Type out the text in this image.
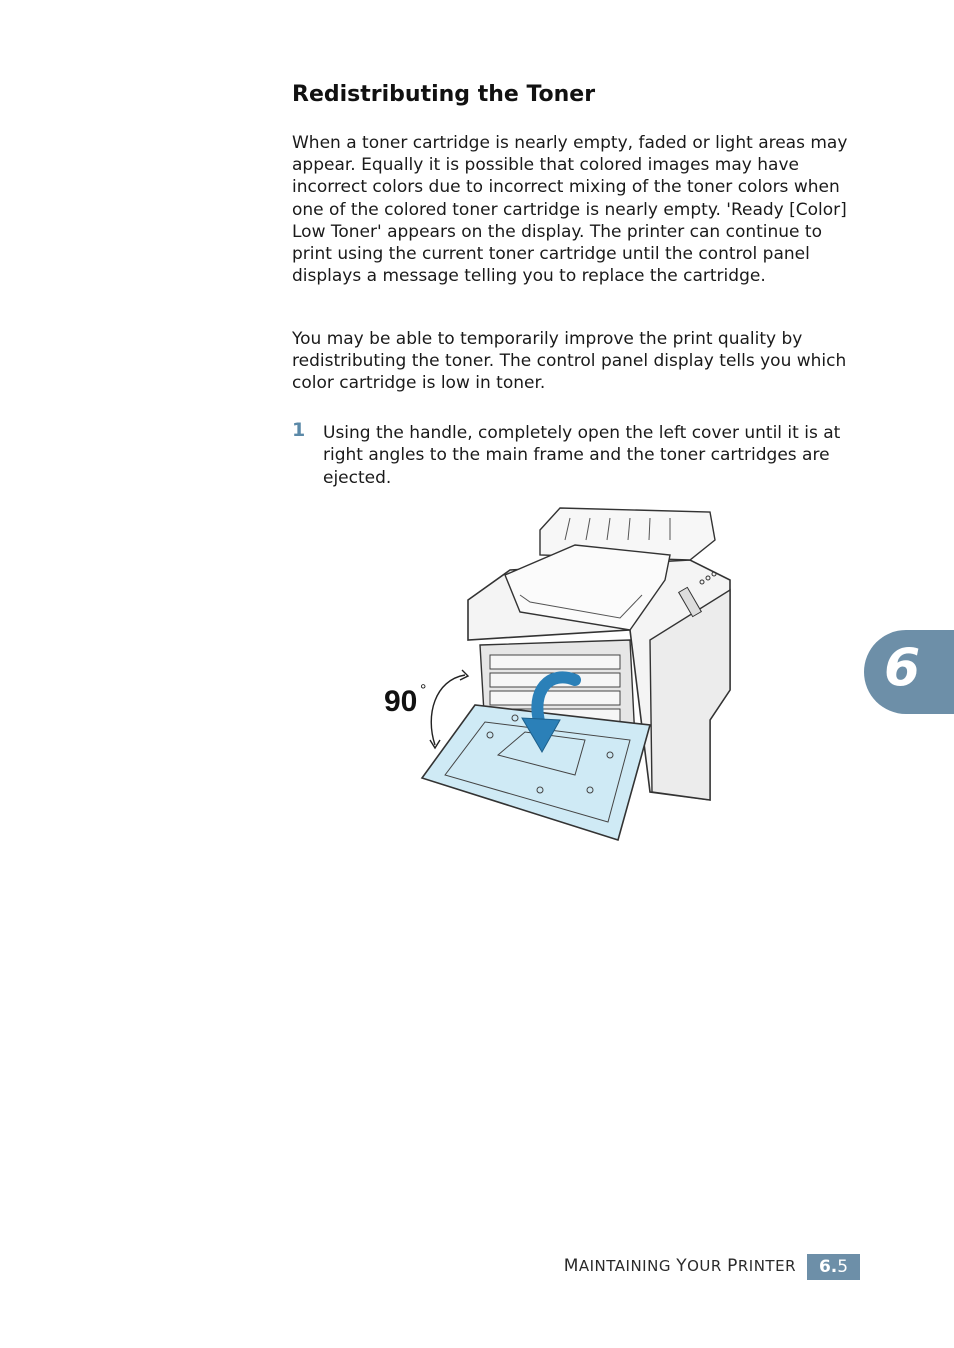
Redistributing the Toner

When a toner cartridge is nearly empty, faded or light areas may appear. Equally it is possible that colored images may have incorrect colors due to incorrect mixing of the toner colors when one of the colored toner cartridge is nearly empty. 'Ready [Color] Low Toner' appears on the display. The printer can continue to print using the current toner cartridge until the control panel displays a message telling you to replace the cartridge.

You may be able to temporarily improve the print quality by redistributing the toner. The control panel display tells you which color cartridge is low in toner.

1 Using the handle, completely open the left cover until it is at right angles to the main frame and the toner cartridges are ejected.

90 °	6
MAINTAINING YOUR PRINTER	6.5
